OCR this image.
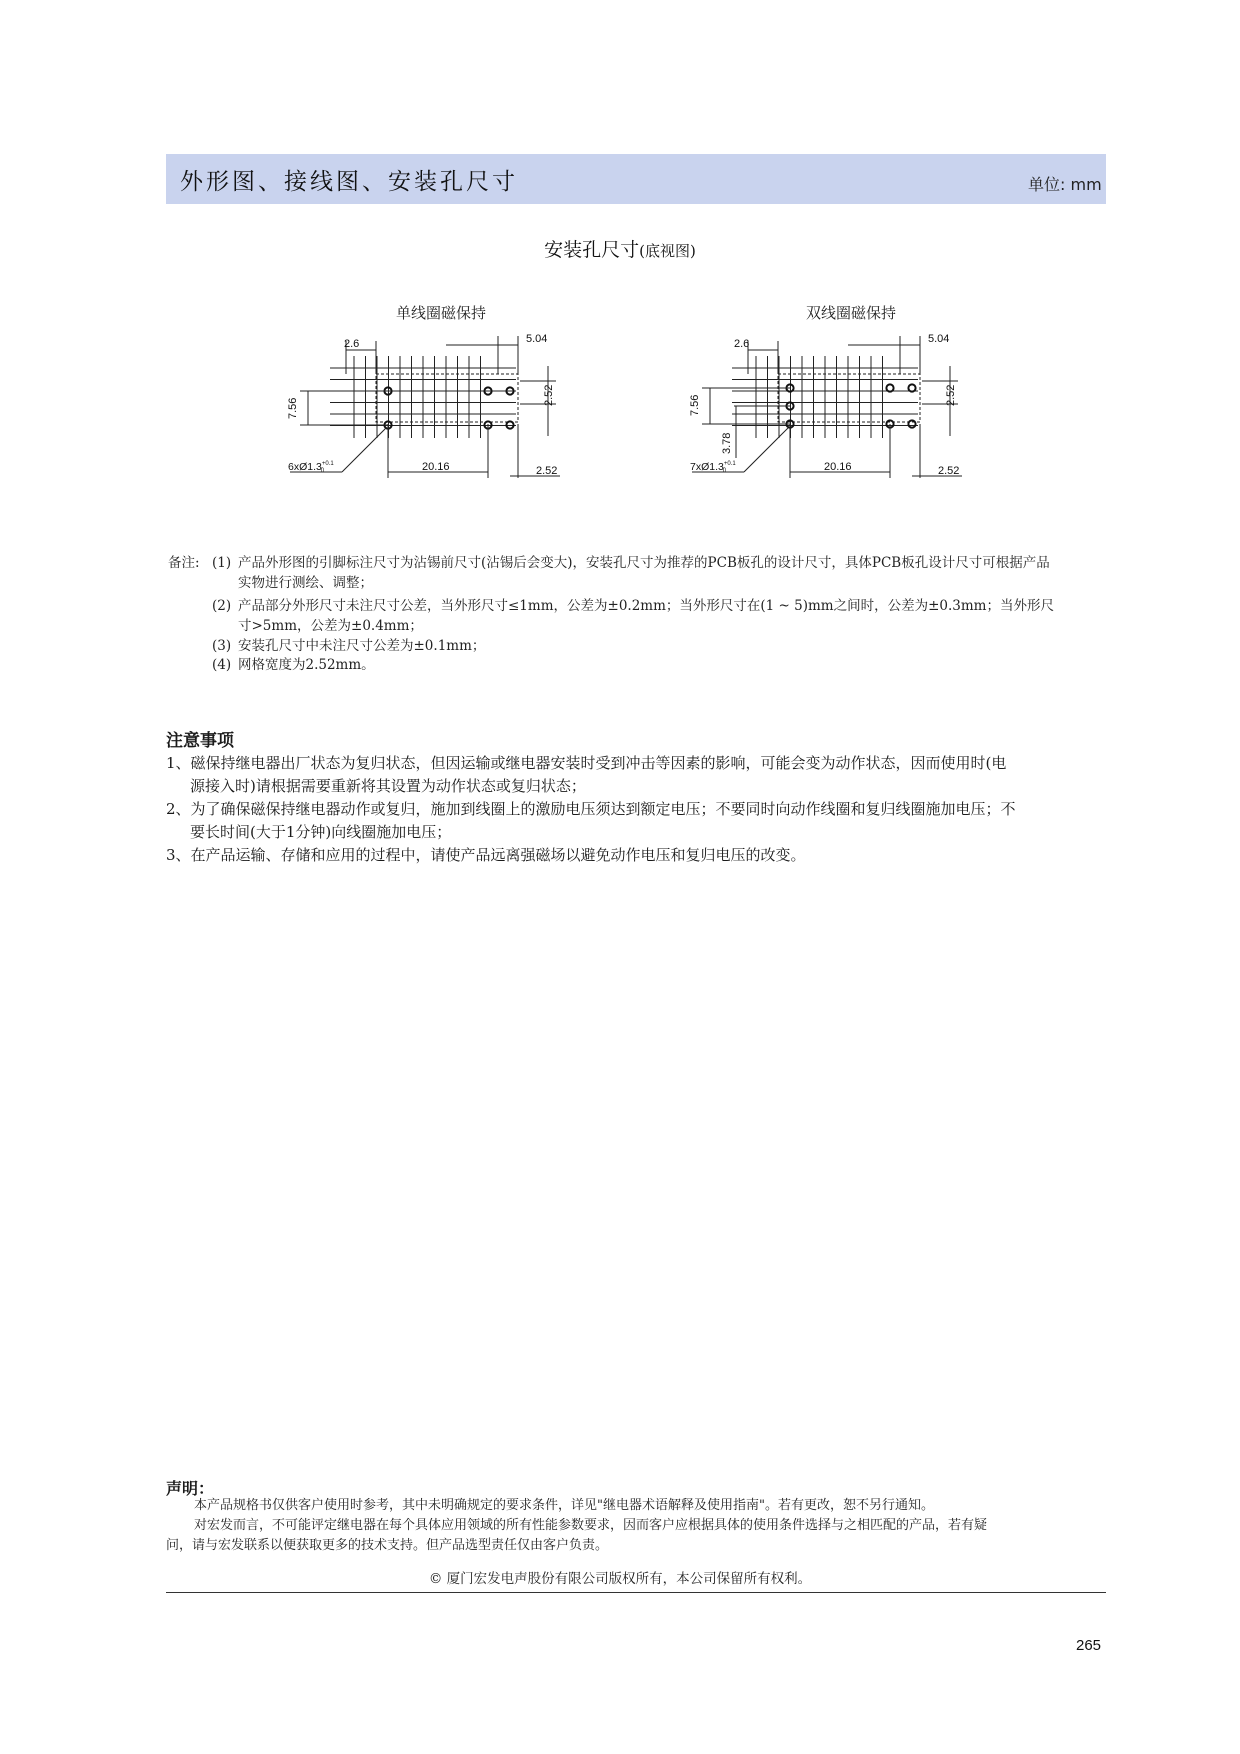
外形图、接线图、安装孔尺寸	单位: mm
安装孔尺寸(底视图)
单线圈磁保持	双线圈磁保持
2.6	5.04
7.56
2.52
20.16	2.52
$6xØ1.3^{+0.1}$ 0
2.6	5.04
7.56
3.78
2.52
20.16	2.52
$7xØ1.3^{+0.1}$ 0
备注: (1) 产品外形图的引脚标注尺寸为沾锡前尺寸(沾锡后会变大)，安装孔尺寸为推荐的PCB板孔的设计尺寸，具体PCB板孔设计尺寸可根据产品
实物进行测绘、调整；
(2) 产品部分外形尺寸未注尺寸公差，当外形尺寸≤1mm，公差为±0.2mm；当外形尺寸在(1 ~ 5)mm之间时，公差为±0.3mm；当外形尺
寸>5mm，公差为±0.4mm；
(3) 安装孔尺寸中未注尺寸公差为±0.1mm；
(4) 网格宽度为2.52mm。
注意事项
1、磁保持继电器出厂状态为复归状态，但因运输或继电器安装时受到冲击等因素的影响，可能会变为动作状态，因而使用时(电
源接入时)请根据需要重新将其设置为动作状态或复归状态；
2、为了确保磁保持继电器动作或复归，施加到线圈上的激励电压须达到额定电压；不要同时向动作线圈和复归线圈施加电压；不
要长时间(大于1分钟)向线圈施加电压；
3、在产品运输、存储和应用的过程中，请使产品远离强磁场以避免动作电压和复归电压的改变。
声明：
本产品规格书仅供客户使用时参考，其中未明确规定的要求条件，详见"继电器术语解释及使用指南"。若有更改，恕不另行通知。
对宏发而言，不可能评定继电器在每个具体应用领域的所有性能参数要求，因而客户应根据具体的使用条件选择与之相匹配的产品，若有疑
问，请与宏发联系以便获取更多的技术支持。但产品选型责任仅由客户负责。
© 厦门宏发电声股份有限公司版权所有，本公司保留所有权利。
265
